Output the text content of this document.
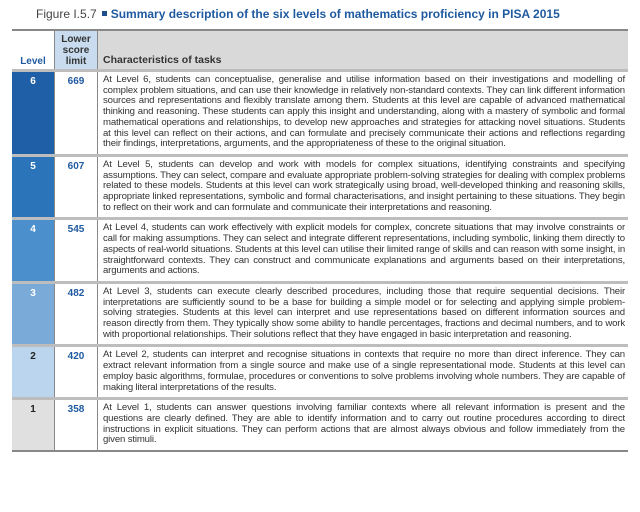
Figure I.5.7 Summary description of the six levels of mathematics proficiency in PISA 2015
Level	Lower score limit	Characteristics of tasks
6	669	At Level 6, students can conceptualise, generalise and utilise information based on their investigations and modelling of complex problem situations, and can use their knowledge in relatively non-standard contexts. They can link different information sources and representations and flexibly translate among them. Students at this level are capable of advanced mathematical thinking and reasoning. These students can apply this insight and understanding, along with a mastery of symbolic and formal mathematical operations and relationships, to develop new approaches and strategies for attacking novel situations. Students at this level can reflect on their actions, and can formulate and precisely communicate their actions and reflections regarding their findings, interpretations, arguments, and the appropriateness of these to the original situation.
5	607	At Level 5, students can develop and work with models for complex situations, identifying constraints and specifying assumptions. They can select, compare and evaluate appropriate problem-solving strategies for dealing with complex problems related to these models. Students at this level can work strategically using broad, well-developed thinking and reasoning skills, appropriate linked representations, symbolic and formal characterisations, and insight pertaining to these situations. They begin to reflect on their work and can formulate and communicate their interpretations and reasoning.
4	545	At Level 4, students can work effectively with explicit models for complex, concrete situations that may involve constraints or call for making assumptions. They can select and integrate different representations, including symbolic, linking them directly to aspects of real-world situations. Students at this level can utilise their limited range of skills and can reason with some insight, in straightforward contexts. They can construct and communicate explanations and arguments based on their interpretations, arguments and actions.
3	482	At Level 3, students can execute clearly described procedures, including those that require sequential decisions. Their interpretations are sufficiently sound to be a base for building a simple model or for selecting and applying simple problem-solving strategies. Students at this level can interpret and use representations based on different information sources and reason directly from them. They typically show some ability to handle percentages, fractions and decimal numbers, and to work with proportional relationships. Their solutions reflect that they have engaged in basic interpretation and reasoning.
2	420	At Level 2, students can interpret and recognise situations in contexts that require no more than direct inference. They can extract relevant information from a single source and make use of a single representational mode. Students at this level can employ basic algorithms, formulae, procedures or conventions to solve problems involving whole numbers. They are capable of making literal interpretations of the results.
1	358	At Level 1, students can answer questions involving familiar contexts where all relevant information is present and the questions are clearly defined. They are able to identify information and to carry out routine procedures according to direct instructions in explicit situations. They can perform actions that are almost always obvious and follow immediately from the given stimuli.
